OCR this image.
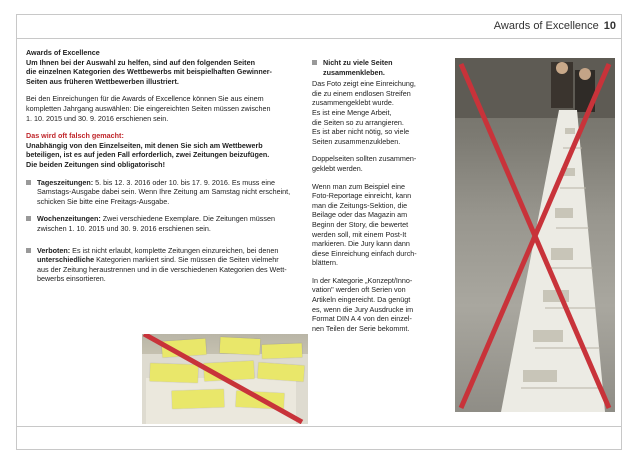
Awards of Excellence 10

Awards of Excellence
Um Ihnen bei der Auswahl zu helfen, sind auf den folgenden Seiten
die einzelnen Kategorien des Wettbewerbs mit beispielhaften Gewinner-
Seiten aus früheren Wettbewerben illustriert.

Bei den Einreichungen für die Awards of Excellence können Sie aus einem
kompletten Jahrgang auswählen: Die eingereichten Seiten müssen zwischen
1. 10. 2015 und 30. 9. 2016 erschienen sein.

Das wird oft falsch gemacht:
Unabhängig von den Einzelseiten, mit denen Sie sich am Wettbewerb
beteiligen, ist es auf jeden Fall erforderlich, zwei Zeitungen beizufügen.
Die beiden Zeitungen sind obligatorisch!

Tageszeitungen: 5. bis 12. 3. 2016 oder 10. bis 17. 9. 2016. Es muss eine
Samstags-Ausgabe dabei sein. Wenn Ihre Zeitung am Samstag nicht erscheint,
schicken Sie bitte eine Freitags-Ausgabe.
Wochenzeitungen: Zwei verschiedene Exemplare. Die Zeitungen müssen
zwischen 1. 10. 2015 und 30. 9. 2016 erschienen sein.
Verboten: Es ist nicht erlaubt, komplette Zeitungen einzureichen, bei denen
unterschiedliche Kategorien markiert sind. Sie müssen die Seiten vielmehr
aus der Zeitung heraustrennen und in die verschiedenen Kategorien des Wett-
bewerbs einsortieren.
Nicht zu viele Seiten
zusammenkleben.

Das Foto zeigt eine Einreichung,
die zu einem endlosen Streifen
zusammengeklebt wurde.
Es ist eine Menge Arbeit,
die Seiten so zu arrangieren.
Es ist aber nicht nötig, so viele
Seiten zusammenzukleben.

Doppelseiten sollten zusammen-
geklebt werden.

Wenn man zum Beispiel eine
Foto-Reportage einreicht, kann
man die Zeitungs-Sektion, die
Beilage oder das Magazin am
Beginn der Story, die bewertet
werden soll, mit einem Post-It
markieren. Die Jury kann dann
diese Einreichung einfach durch-
blättern.

In der Kategorie „Konzept/Inno-
vation" werden oft Serien von
Artikeln eingereicht. Da genügt
es, wenn die Jury Ausdrucke im
Format DIN A 4 von den einzel-
nen Teilen der Serie bekommt.
